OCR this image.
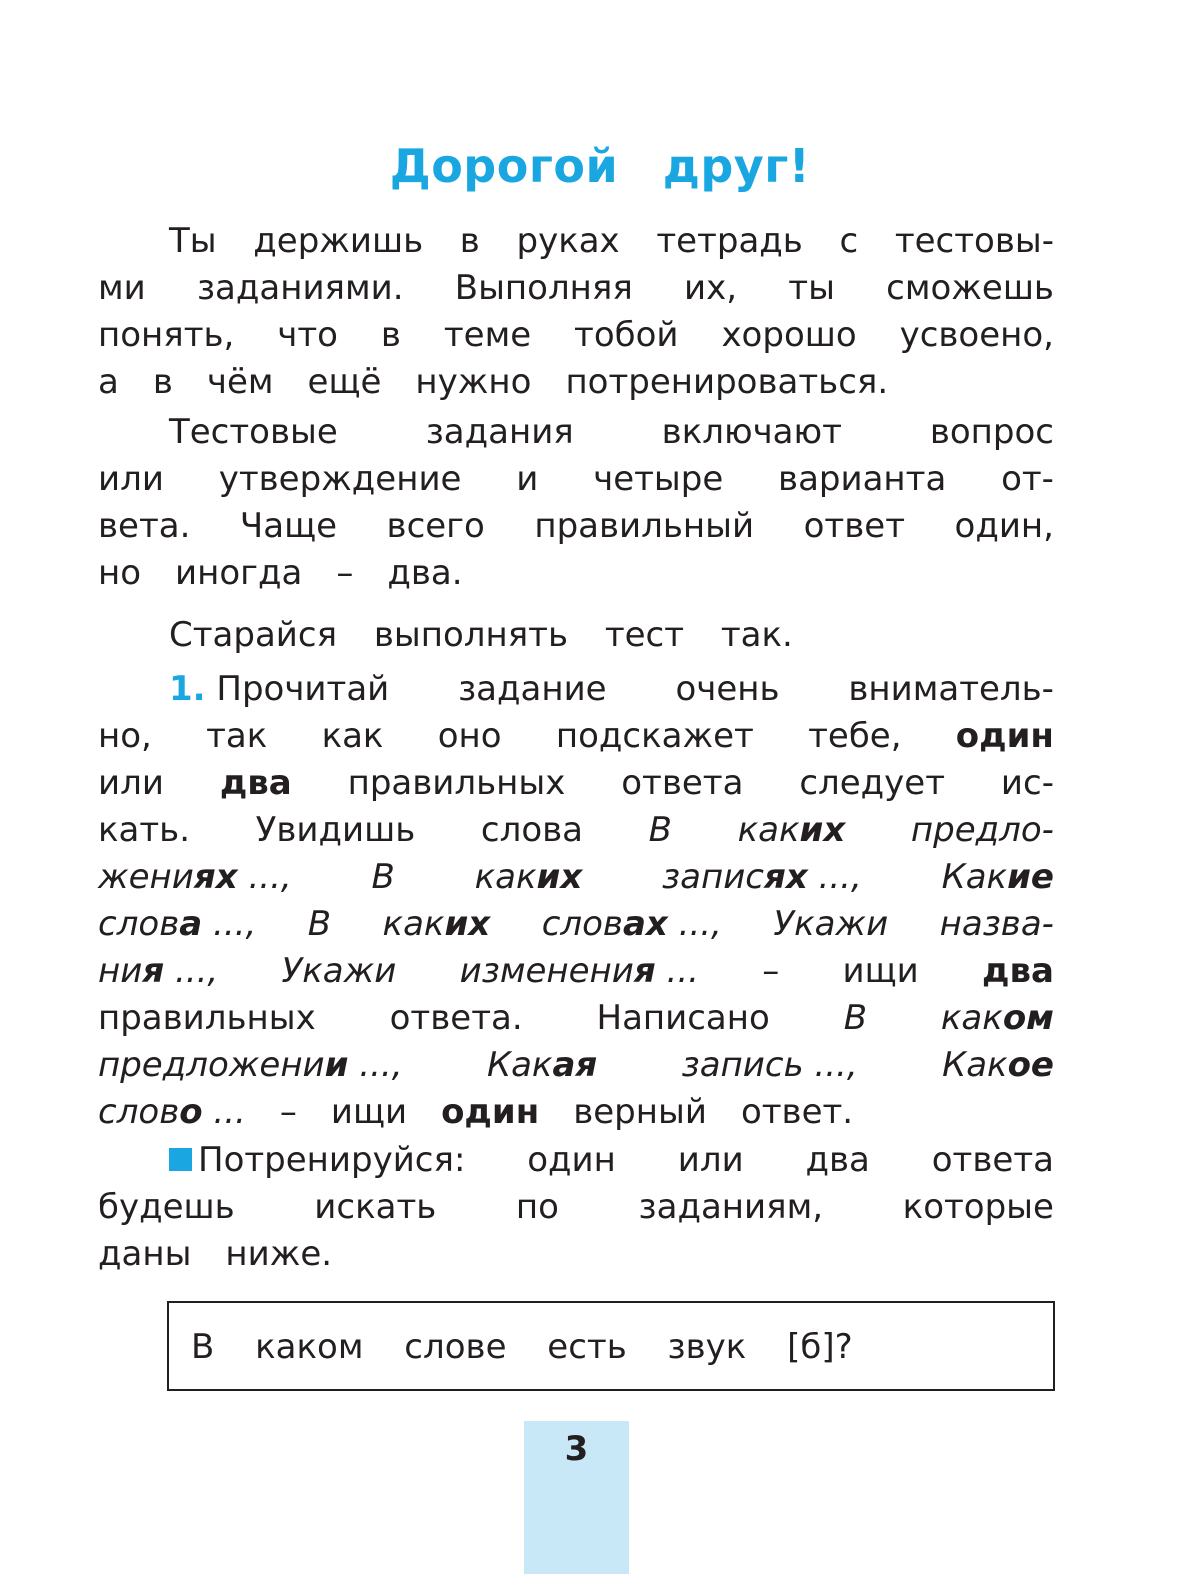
Дорогой друг!
Ты держишь в руках тетрадь с тестовы-
ми заданиями. Выполняя их, ты сможешь
понять, что в теме тобой хорошо усвоено,
а в чём ещё нужно потренироваться.
Тестовые	задания	включают	вопрос
или утверждение и четыре варианта от-
вета. Чаще всего правильный ответ один,
но иногда – два.
Старайся выполнять тест так.
1. Прочитай задание очень вниматель-
но, так как оно подскажет тебе, один
или два правильных ответа следует ис-
кать. Увидишь слова В каких предло-
жениях ..., В каких записях ..., Какие
слова ..., В каких словах ..., Укажи назва-
ния ..., Укажи изменения ... – ищи два
правильных ответа. Написано В каком
предложении ..., Какая запись ..., Какое
слово ... – ищи один верный ответ.
Потренируйся: один или два ответа
будешь искать по заданиям, которые
даны ниже.
В каком слове есть звук [б]?
3
